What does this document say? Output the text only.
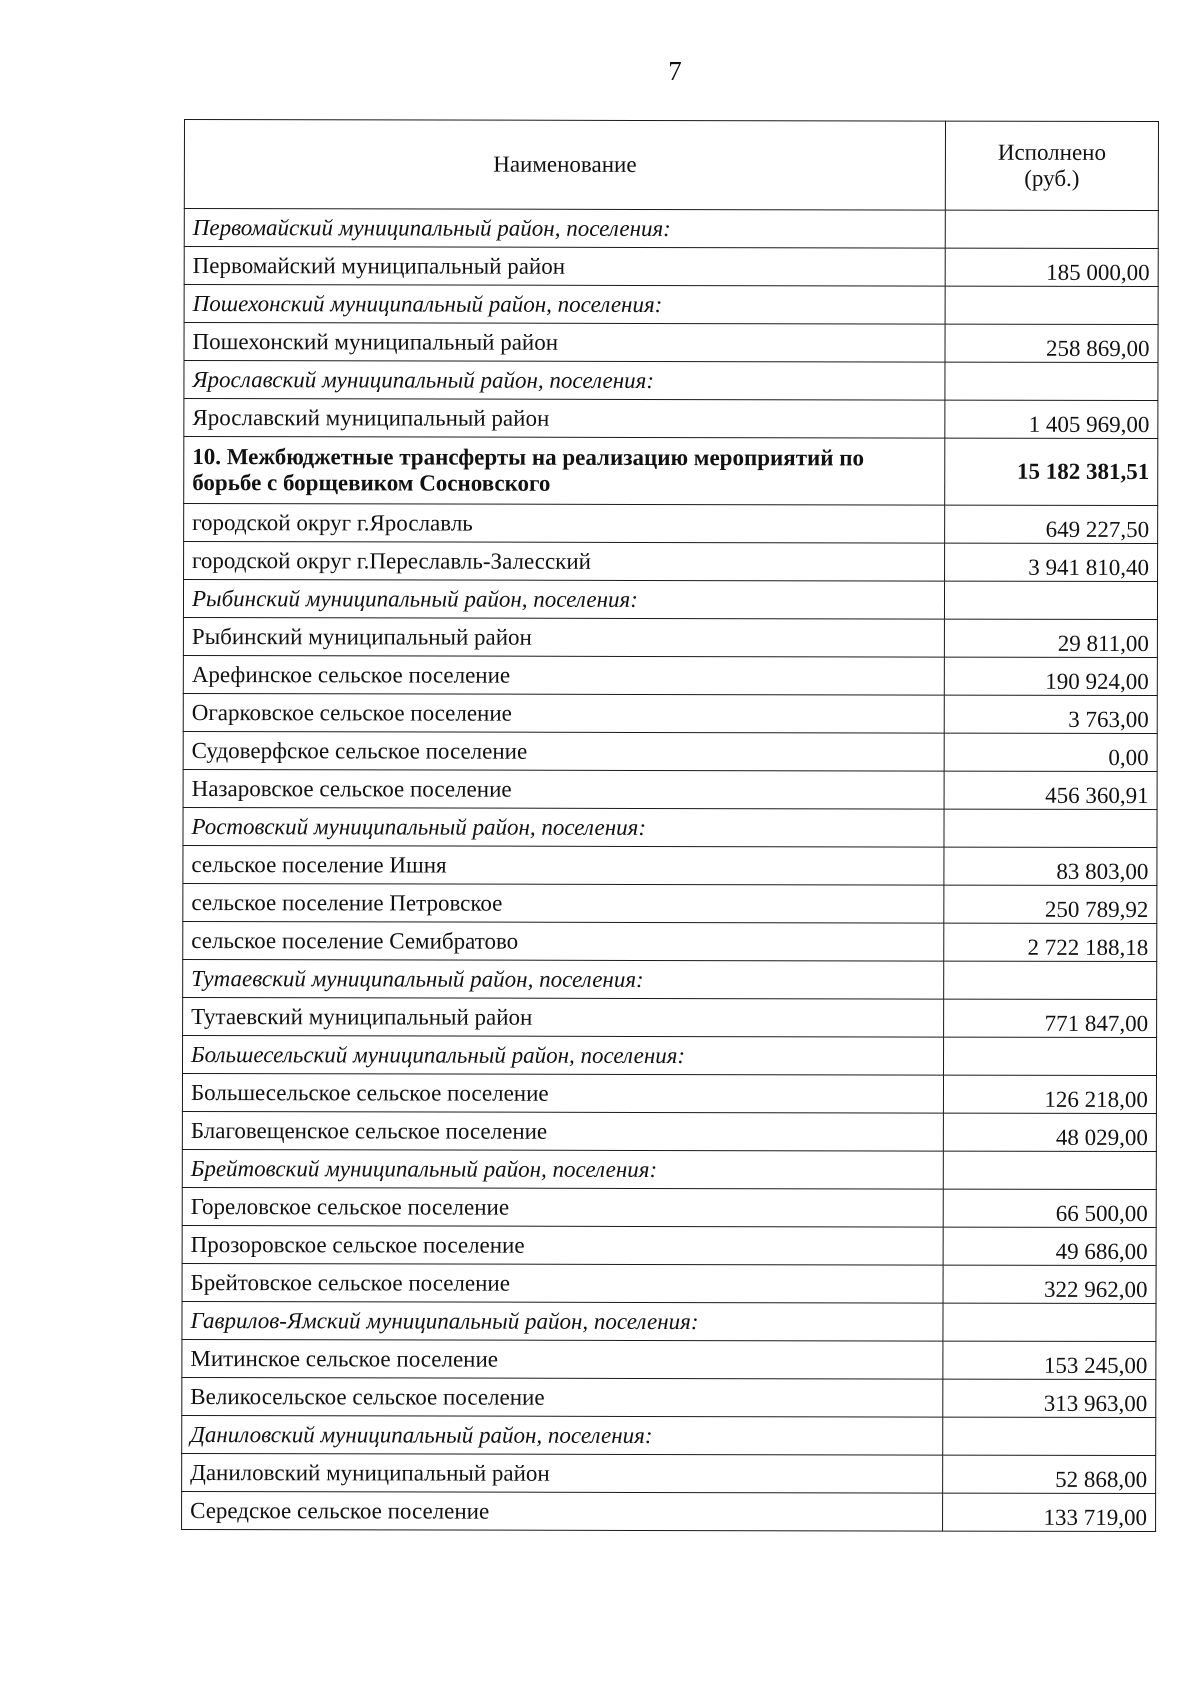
7
Наименование	Исполнено
(руб.)
Первомайский муниципальный район, поселения:	
Первомайский муниципальный район	185 000,00
Пошехонский муниципальный район, поселения:	
Пошехонский муниципальный район	258 869,00
Ярославский муниципальный район, поселения:	
Ярославский муниципальный район	1 405 969,00
10. Межбюджетные трансферты на реализацию мероприятий по борьбе с борщевиком Сосновского	15 182 381,51
городской округ г.Ярославль	649 227,50
городской округ г.Переславль-Залесский	3 941 810,40
Рыбинский муниципальный район, поселения:	
Рыбинский муниципальный район	29 811,00
Арефинское сельское поселение	190 924,00
Огарковское сельское поселение	3 763,00
Судоверфское сельское поселение	0,00
Назаровское сельское поселение	456 360,91
Ростовский муниципальный район, поселения:	
сельское поселение Ишня	83 803,00
сельское поселение Петровское	250 789,92
сельское поселение Семибратово	2 722 188,18
Тутаевский муниципальный район, поселения:	
Тутаевский муниципальный район	771 847,00
Большесельский муниципальный район, поселения:	
Большесельское сельское поселение	126 218,00
Благовещенское сельское поселение	48 029,00
Брейтовский муниципальный район, поселения:	
Гореловское сельское поселение	66 500,00
Прозоровское сельское поселение	49 686,00
Брейтовское сельское поселение	322 962,00
Гаврилов-Ямский муниципальный район, поселения:	
Митинское сельское поселение	153 245,00
Великосельское сельское поселение	313 963,00
Даниловский муниципальный район, поселения:	
Даниловский муниципальный район	52 868,00
Середское сельское поселение	133 719,00
